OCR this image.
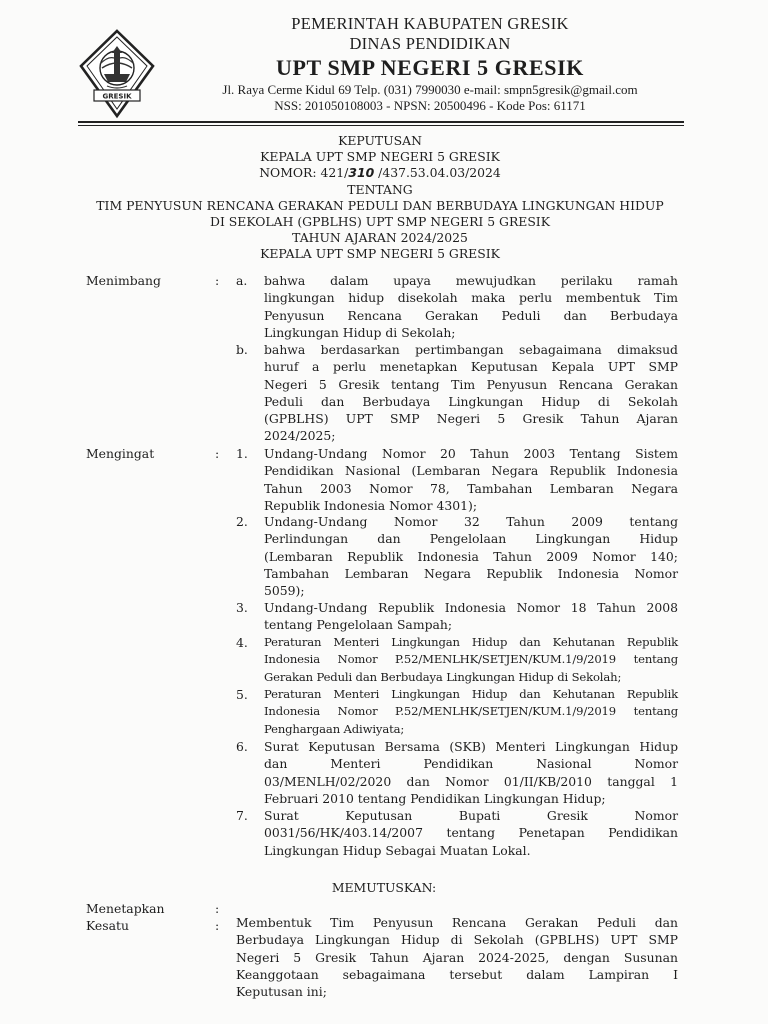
GRESIK
PEMERINTAH KABUPATEN GRESIK
DINAS PENDIDIKAN
UPT SMP NEGERI 5 GRESIK
Jl. Raya Cerme Kidul 69 Telp. (031) 7990030 e-mail: smpn5gresik@gmail.com
NSS: 201050108003 - NPSN: 20500496 - Kode Pos: 61171
KEPUTUSAN
KEPALA UPT SMP NEGERI 5 GRESIK
NOMOR: 421/310 /437.53.04.03/2024
TENTANG
TIM PENYUSUN RENCANA GERAKAN PEDULI DAN BERBUDAYA LINGKUNGAN HIDUP
DI SEKOLAH (GPBLHS) UPT SMP NEGERI 5 GRESIK
TAHUN AJARAN 2024/2025
KEPALA UPT SMP NEGERI 5 GRESIK
Menimbang	: a. bahwa dalam upaya mewujudkan perilaku ramah
lingkungan hidup disekolah maka perlu membentuk Tim
Penyusun Rencana Gerakan Peduli dan Berbudaya
Lingkungan Hidup di Sekolah;
b. bahwa berdasarkan pertimbangan sebagaimana dimaksud
huruf a perlu menetapkan Keputusan Kepala UPT SMP
Negeri 5 Gresik tentang Tim Penyusun Rencana Gerakan
Peduli dan Berbudaya Lingkungan Hidup di Sekolah
(GPBLHS) UPT SMP Negeri 5 Gresik Tahun Ajaran
2024/2025;
Mengingat	: 1. Undang-Undang Nomor 20 Tahun 2003 Tentang Sistem
Pendidikan Nasional (Lembaran Negara Republik Indonesia
Tahun 2003 Nomor 78, Tambahan Lembaran Negara
Republik Indonesia Nomor 4301);
2. Undang-Undang Nomor 32 Tahun 2009 tentang
Perlindungan dan Pengelolaan Lingkungan Hidup
(Lembaran Republik Indonesia Tahun 2009 Nomor 140;
Tambahan Lembaran Negara Republik Indonesia Nomor
5059);
3. Undang-Undang Republik Indonesia Nomor 18 Tahun 2008
tentang Pengelolaan Sampah;
4. Peraturan Menteri Lingkungan Hidup dan Kehutanan Republik
Indonesia Nomor P.52/MENLHK/SETJEN/KUM.1/9/2019 tentang
Gerakan Peduli dan Berbudaya Lingkungan Hidup di Sekolah;
5. Peraturan Menteri Lingkungan Hidup dan Kehutanan Republik
Indonesia Nomor P.52/MENLHK/SETJEN/KUM.1/9/2019 tentang
Penghargaan Adiwiyata;
6. Surat Keputusan Bersama (SKB) Menteri Lingkungan Hidup
dan Menteri Pendidikan Nasional Nomor
03/MENLH/02/2020 dan Nomor 01/II/KB/2010 tanggal 1
Februari 2010 tentang Pendidikan Lingkungan Hidup;
7. Surat Keputusan Bupati Gresik Nomor
0031/56/HK/403.14/2007 tentang Penetapan Pendidikan
Lingkungan Hidup Sebagai Muatan Lokal.
MEMUTUSKAN:
Menetapkan	:
Kesatu	: Membentuk Tim Penyusun Rencana Gerakan Peduli dan
Berbudaya Lingkungan Hidup di Sekolah (GPBLHS) UPT SMP
Negeri 5 Gresik Tahun Ajaran 2024-2025, dengan Susunan
Keanggotaan sebagaimana tersebut dalam Lampiran I
Keputusan ini;
